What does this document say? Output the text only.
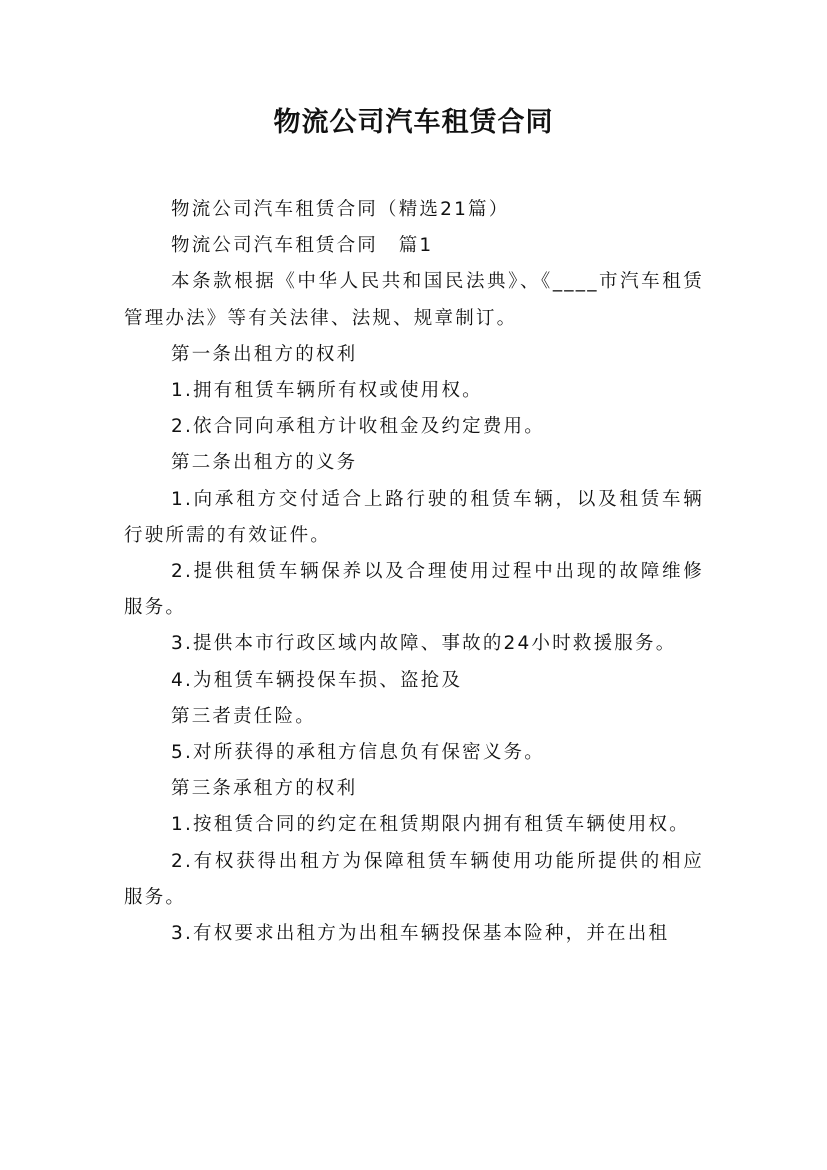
物流公司汽车租赁合同

物流公司汽车租赁合同（精选21篇）

物流公司汽车租赁合同　篇1

本条款根据《中华人民共和国民法典》、《____市汽车租赁管理办法》等有关法律、法规、规章制订。

第一条出租方的权利

1.拥有租赁车辆所有权或使用权。

2.依合同向承租方计收租金及约定费用。

第二条出租方的义务

1.向承租方交付适合上路行驶的租赁车辆，以及租赁车辆行驶所需的有效证件。

2.提供租赁车辆保养以及合理使用过程中出现的故障维修服务。

3.提供本市行政区域内故障、事故的24小时救援服务。

4.为租赁车辆投保车损、盗抢及

第三者责任险。

5.对所获得的承租方信息负有保密义务。

第三条承租方的权利

1.按租赁合同的约定在租赁期限内拥有租赁车辆使用权。

2.有权获得出租方为保障租赁车辆使用功能所提供的相应服务。

3.有权要求出租方为出租车辆投保基本险种，并在出租
